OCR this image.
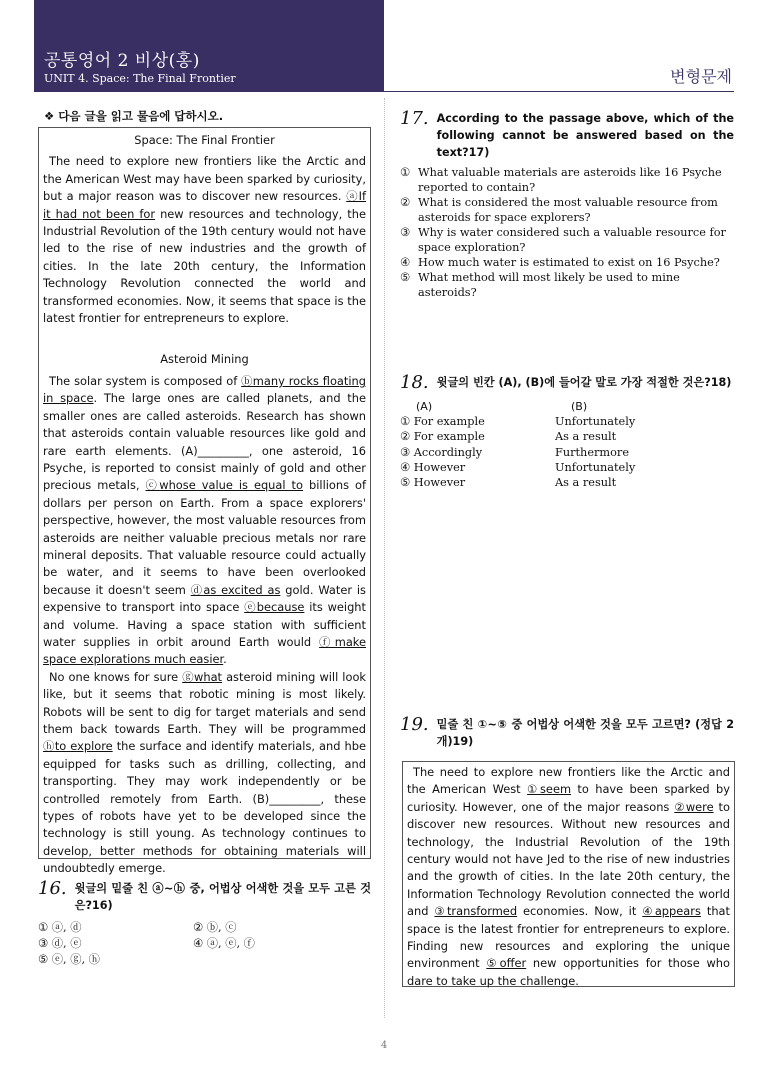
공통영어 2 비상(홍)
UNIT 4. Space: The Final Frontier	변형문제
❖ 다음 글을 읽고 물음에 답하시오.
Space: The Final Frontier

The need to explore new frontiers like the Arctic and the American West may have been sparked by curiosity, but a major reason was to discover new resources. ⓐIf it had not been for new resources and technology, the Industrial Revolution of the 19th century would not have led to the rise of new industries and the growth of cities. In the late 20th century, the Information Technology Revolution connected the world and transformed economies. Now, it seems that space is the latest frontier for entrepreneurs to explore.

Asteroid Mining

The solar system is composed of ⓑmany rocks floating in space. The large ones are called planets, and the smaller ones are called asteroids. Research has shown that asteroids contain valuable resources like gold and rare earth elements. (A)_________, one asteroid, 16 Psyche, is reported to consist mainly of gold and other precious metals, ⓒwhose value is equal to billions of dollars per person on Earth. From a space explorers' perspective, however, the most valuable resources from asteroids are neither valuable precious metals nor rare mineral deposits. That valuable resource could actually be water, and it seems to have been overlooked because it doesn't seem ⓓas excited as gold. Water is expensive to transport into space ⓔbecause its weight and volume. Having a space station with sufficient water supplies in orbit around Earth would ⓕmake space explorations much easier.

No one knows for sure ⓖwhat asteroid mining will look like, but it seems that robotic mining is most likely. Robots will be sent to dig for target materials and send them back towards Earth. They will be programmed ⓗto explore the surface and identify materials, and hbe equipped for tasks such as drilling, collecting, and transporting. They may work independently or be controlled remotely from Earth. (B)_________, these types of robots have yet to be developed since the technology is still young. As technology continues to develop, better methods for obtaining materials will undoubtedly emerge.

16. 윗글의 밑줄 친 ⓐ~ⓗ 중, 어법상 어색한 것을 모두 고른 것은?16)
① ⓐ, ⓓ	② ⓑ, ⓒ
③ ⓓ, ⓔ	④ ⓐ, ⓔ, ⓕ
⑤ ⓔ, ⓖ, ⓗ
17. According to the passage above, which of the following cannot be answered based on the text?17)
① What valuable materials are asteroids like 16 Psyche reported to contain?
② What is considered the most valuable resource from asteroids for space explorers?
③ Why is water considered such a valuable resource for space exploration?
④ How much water is estimated to exist on 16 Psyche?
⑤ What method will most likely be used to mine asteroids?
18. 윗글의 빈칸 (A), (B)에 들어갈 말로 가장 적절한 것은?18)
(A)	(B)
① For example	Unfortunately
② For example	As a result
③ Accordingly	Furthermore
④ However	Unfortunately
⑤ However	As a result
19. 밑줄 친 ①~⑤ 중 어법상 어색한 것을 모두 고르면? (정답 2개)19)

The need to explore new frontiers like the Arctic and the American West ①seem to have been sparked by curiosity. However, one of the major reasons ②were to discover new resources. Without new resources and technology, the Industrial Revolution of the 19th century would not have Jed to the rise of new industries and the growth of cities. In the late 20th century, the Information Technology Revolution connected the world and ③transformed economies. Now, it ④appears that space is the latest frontier for entrepreneurs to explore. Finding new resources and exploring the unique environment ⑤offer new opportunities for those who dare to take up the challenge.

4
